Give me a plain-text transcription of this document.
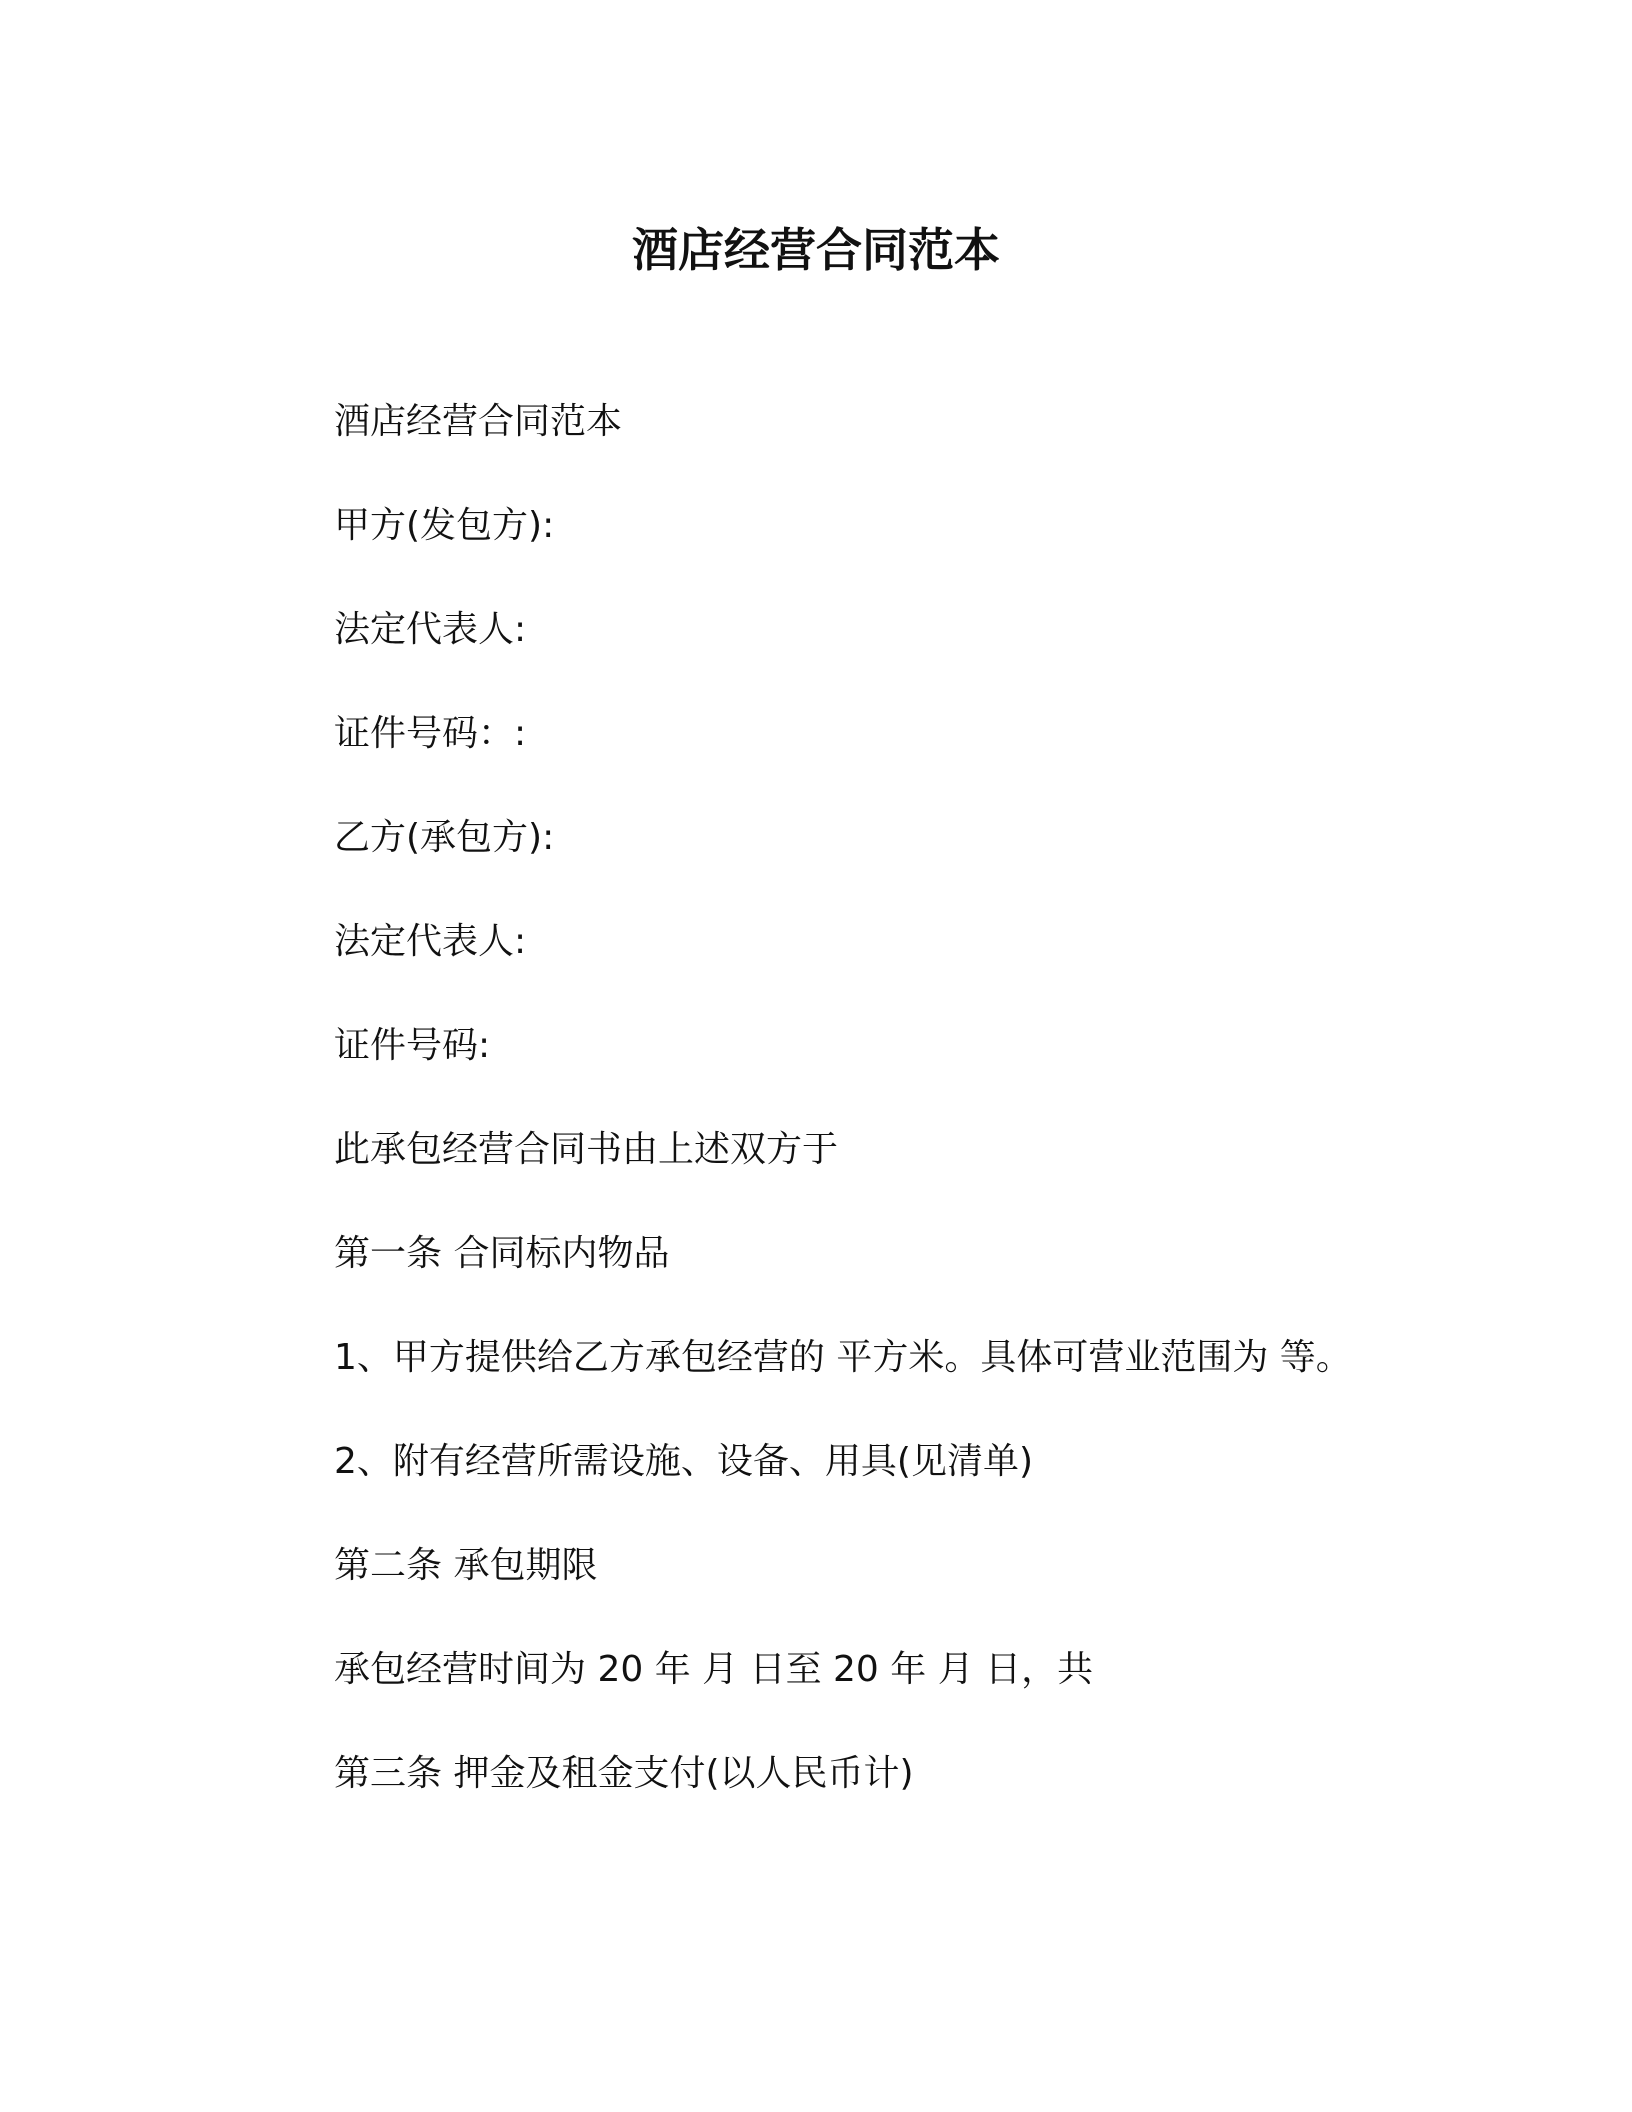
酒店经营合同范本
酒店经营合同范本
甲方(发包方):
法定代表人:
证件号码：:
乙方(承包方):
法定代表人:
证件号码:
此承包经营合同书由上述双方于
第一条 合同标内物品
1、甲方提供给乙方承包经营的 平方米。具体可营业范围为 等。
2、附有经营所需设施、设备、用具(见清单)
第二条 承包期限
承包经营时间为 20 年 月 日至 20 年 月 日，共
第三条 押金及租金支付(以人民币计)
